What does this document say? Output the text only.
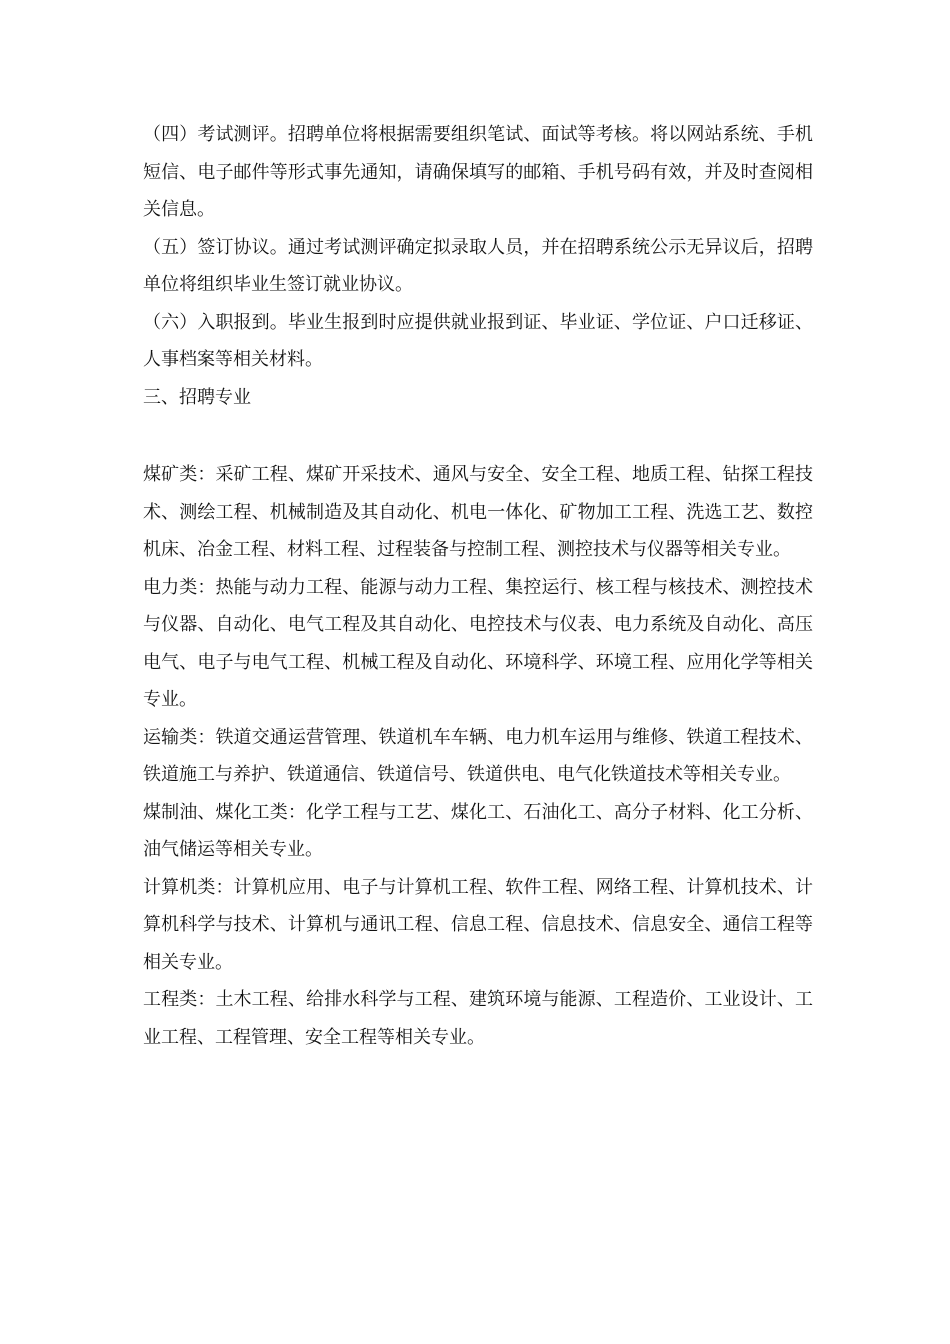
（四）考试测评。招聘单位将根据需要组织笔试、面试等考核。将以网站系统、手机短信、电子邮件等形式事先通知，请确保填写的邮箱、手机号码有效，并及时查阅相关信息。

（五）签订协议。通过考试测评确定拟录取人员，并在招聘系统公示无异议后，招聘单位将组织毕业生签订就业协议。

（六）入职报到。毕业生报到时应提供就业报到证、毕业证、学位证、户口迁移证、人事档案等相关材料。

三、招聘专业

煤矿类：采矿工程、煤矿开采技术、通风与安全、安全工程、地质工程、钻探工程技术、测绘工程、机械制造及其自动化、机电一体化、矿物加工工程、洗选工艺、数控机床、冶金工程、材料工程、过程装备与控制工程、测控技术与仪器等相关专业。

电力类：热能与动力工程、能源与动力工程、集控运行、核工程与核技术、测控技术与仪器、自动化、电气工程及其自动化、电控技术与仪表、电力系统及自动化、高压电气、电子与电气工程、机械工程及自动化、环境科学、环境工程、应用化学等相关专业。

运输类：铁道交通运营管理、铁道机车车辆、电力机车运用与维修、铁道工程技术、铁道施工与养护、铁道通信、铁道信号、铁道供电、电气化铁道技术等相关专业。

煤制油、煤化工类：化学工程与工艺、煤化工、石油化工、高分子材料、化工分析、油气储运等相关专业。

计算机类：计算机应用、电子与计算机工程、软件工程、网络工程、计算机技术、计算机科学与技术、计算机与通讯工程、信息工程、信息技术、信息安全、通信工程等相关专业。

工程类：土木工程、给排水科学与工程、建筑环境与能源、工程造价、工业设计、工业工程、工程管理、安全工程等相关专业。
